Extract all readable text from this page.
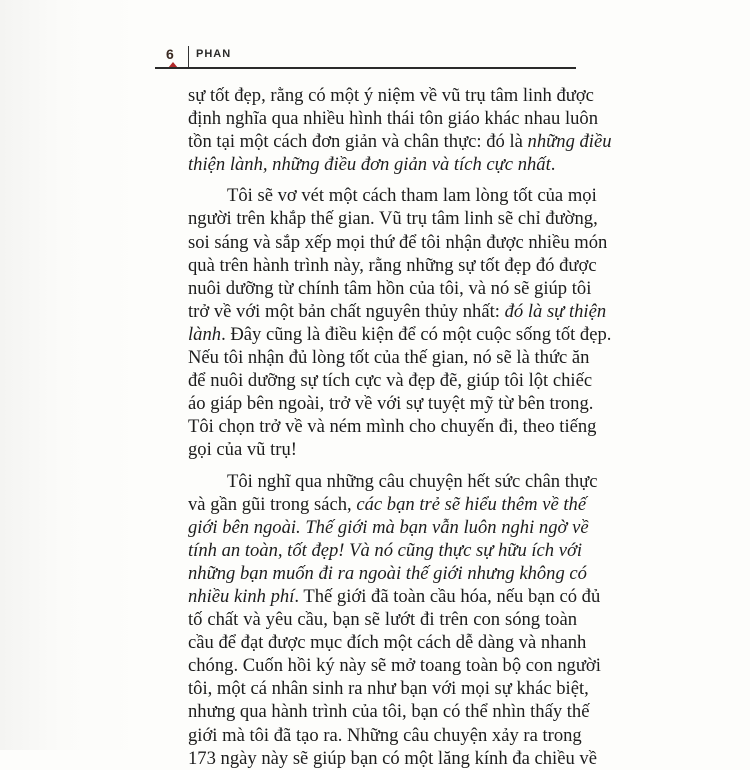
6 PHAN
sự tốt đẹp, rằng có một ý niệm về vũ trụ tâm linh được
định nghĩa qua nhiều hình thái tôn giáo khác nhau luôn
tồn tại một cách đơn giản và chân thực: đó là những điều
thiện lành, những điều đơn giản và tích cực nhất.
Tôi sẽ vơ vét một cách tham lam lòng tốt của mọi
người trên khắp thế gian. Vũ trụ tâm linh sẽ chỉ đường,
soi sáng và sắp xếp mọi thứ để tôi nhận được nhiều món
quà trên hành trình này, rằng những sự tốt đẹp đó được
nuôi dưỡng từ chính tâm hồn của tôi, và nó sẽ giúp tôi
trở về với một bản chất nguyên thủy nhất: đó là sự thiện
lành. Đây cũng là điều kiện để có một cuộc sống tốt đẹp.
Nếu tôi nhận đủ lòng tốt của thế gian, nó sẽ là thức ăn
để nuôi dưỡng sự tích cực và đẹp đẽ, giúp tôi lột chiếc
áo giáp bên ngoài, trở về với sự tuyệt mỹ từ bên trong.
Tôi chọn trở về và ném mình cho chuyến đi, theo tiếng
gọi của vũ trụ!
Tôi nghĩ qua những câu chuyện hết sức chân thực
và gần gũi trong sách, các bạn trẻ sẽ hiểu thêm về thế
giới bên ngoài. Thế giới mà bạn vẫn luôn nghi ngờ về
tính an toàn, tốt đẹp! Và nó cũng thực sự hữu ích với
những bạn muốn đi ra ngoài thế giới nhưng không có
nhiều kinh phí. Thế giới đã toàn cầu hóa, nếu bạn có đủ
tố chất và yêu cầu, bạn sẽ lướt đi trên con sóng toàn
cầu để đạt được mục đích một cách dễ dàng và nhanh
chóng. Cuốn hồi ký này sẽ mở toang toàn bộ con người
tôi, một cá nhân sinh ra như bạn với mọi sự khác biệt,
nhưng qua hành trình của tôi, bạn có thể nhìn thấy thế
giới mà tôi đã tạo ra. Những câu chuyện xảy ra trong
173 ngày này sẽ giúp bạn có một lăng kính đa chiều về
